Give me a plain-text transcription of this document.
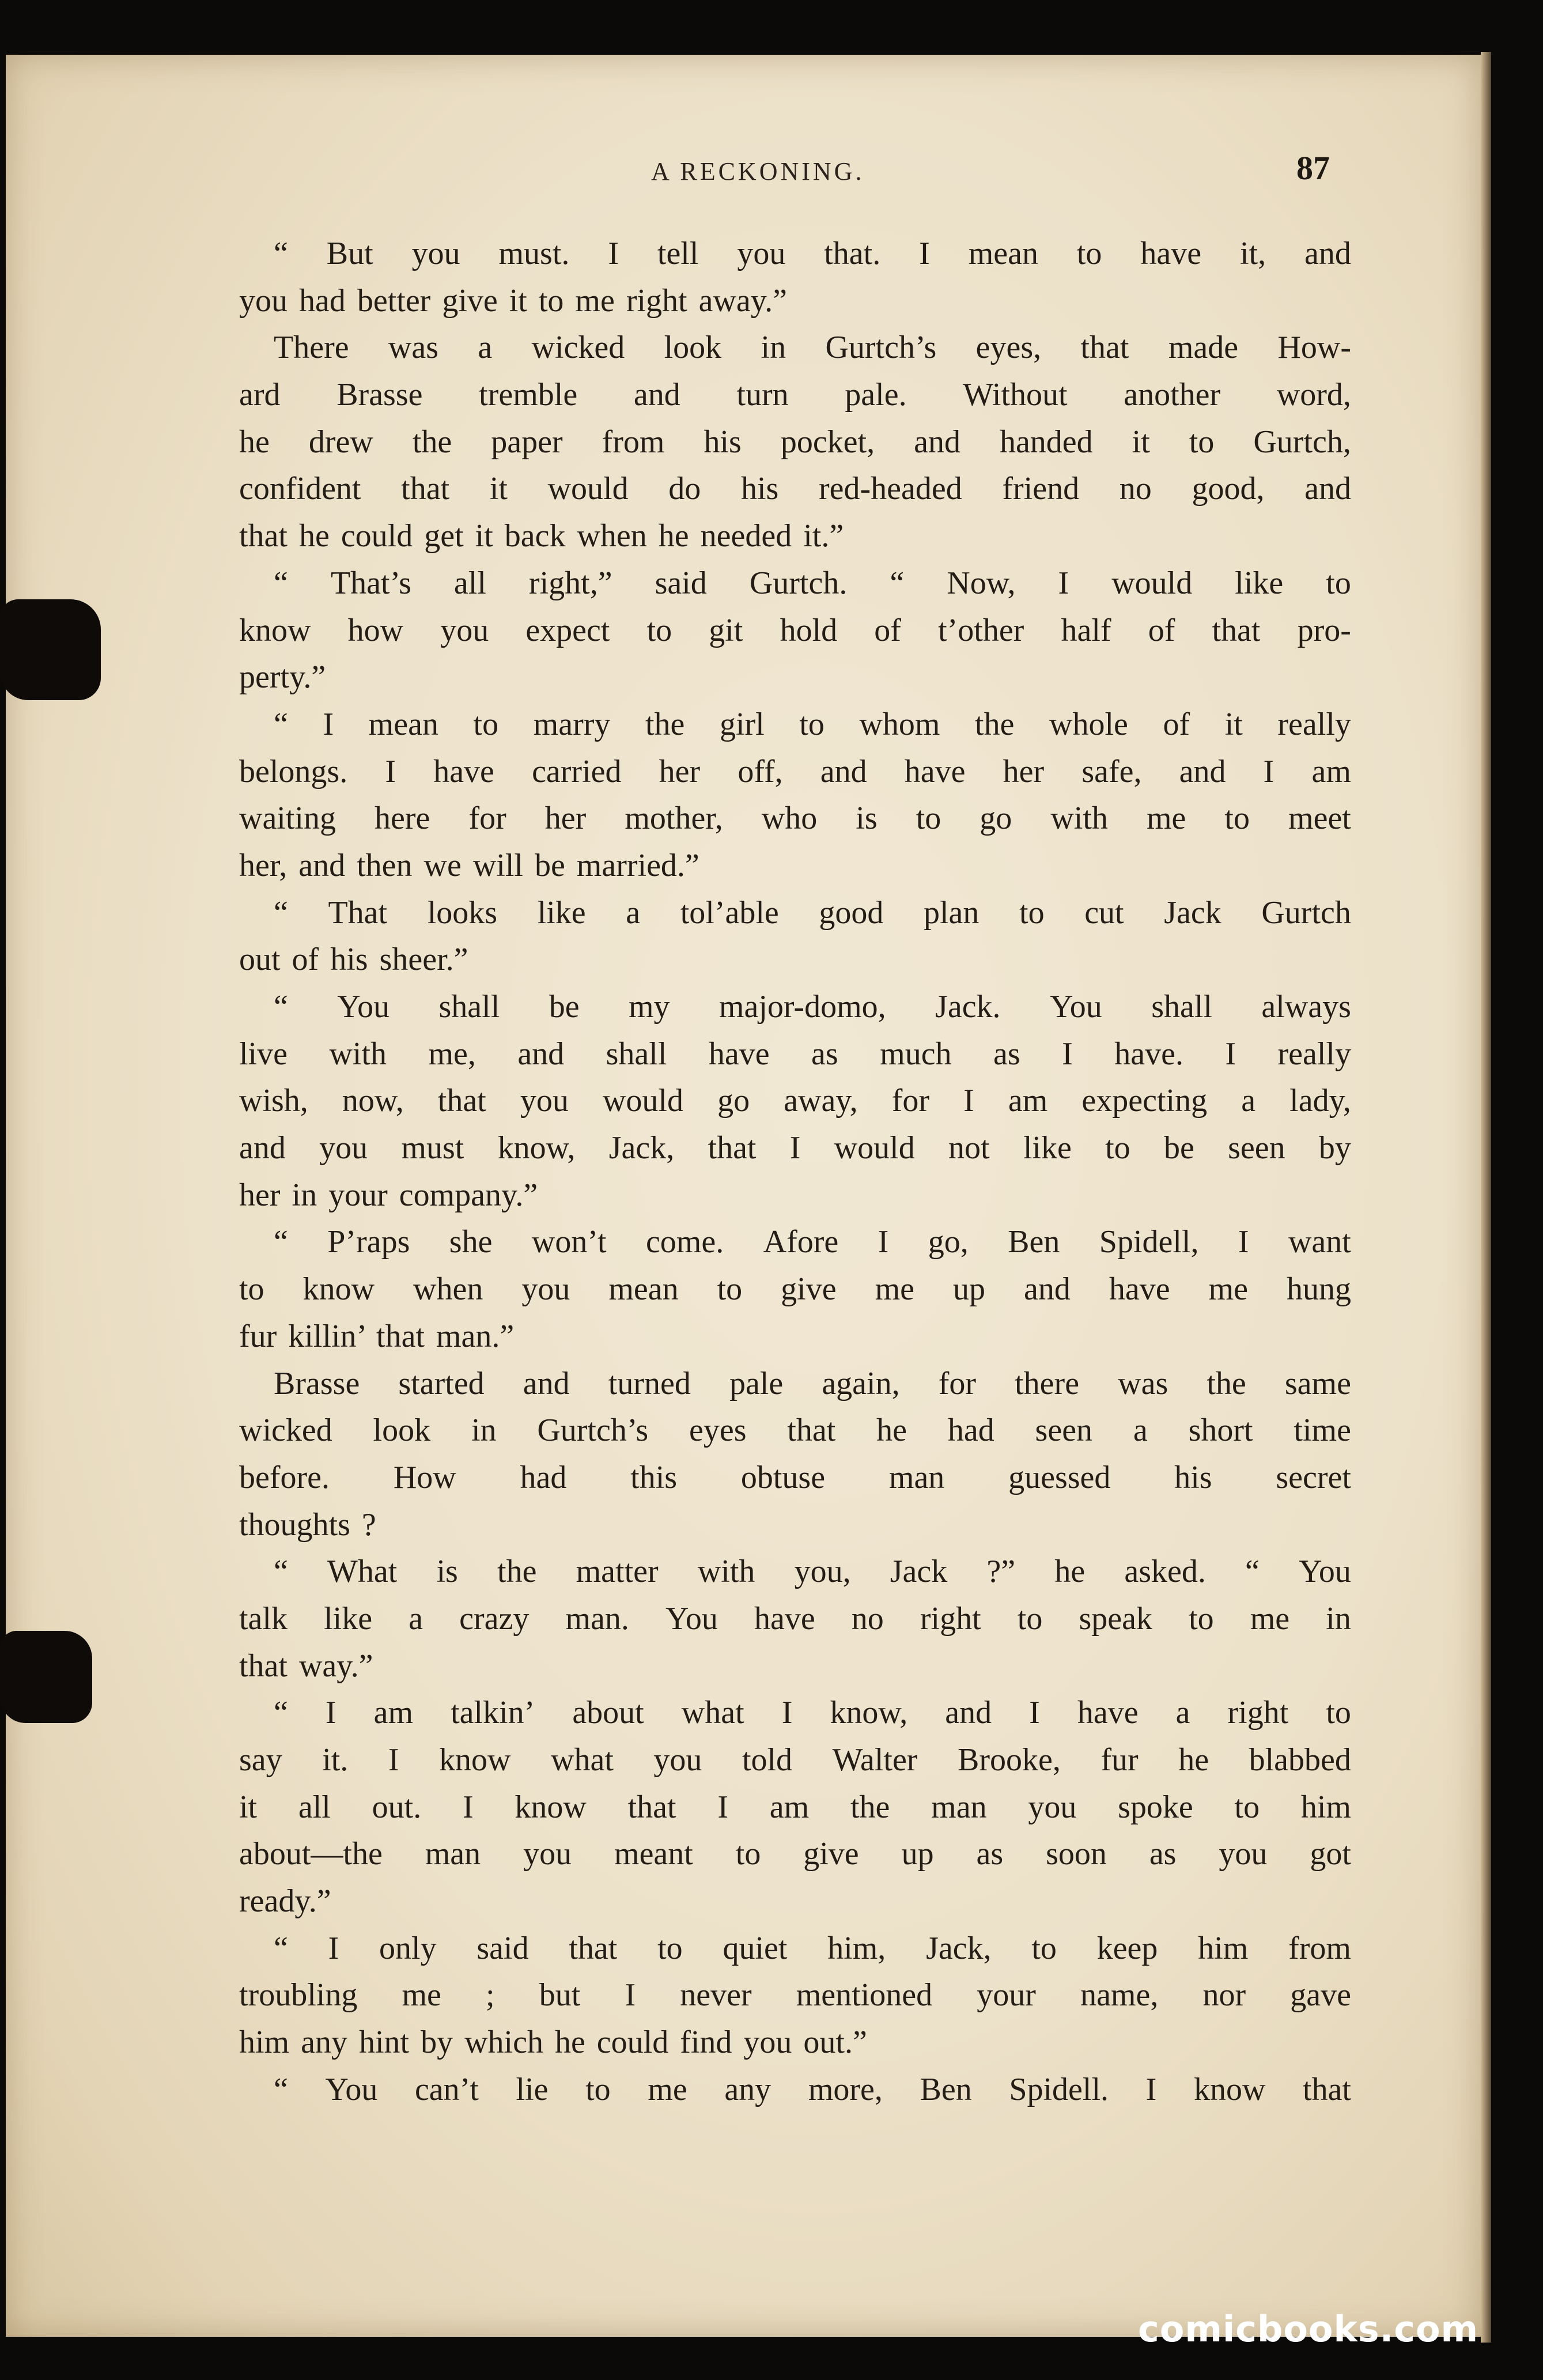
A RECKONING.	87
“ But you must. I tell you that. I mean to have it, and
you had better give it to me right away.”
There was a wicked look in Gurtch’s eyes, that made How-
ard Brasse tremble and turn pale. Without another word,
he drew the paper from his pocket, and handed it to Gurtch,
confident that it would do his red-headed friend no good, and
that he could get it back when he needed it.”
“ That’s all right,” said Gurtch. “ Now, I would like to
know how you expect to git hold of t’other half of that pro-
perty.”
“ I mean to marry the girl to whom the whole of it really
belongs. I have carried her off, and have her safe, and I am
waiting here for her mother, who is to go with me to meet
her, and then we will be married.”
“ That looks like a tol’able good plan to cut Jack Gurtch
out of his sheer.”
“ You shall be my major-domo, Jack. You shall always
live with me, and shall have as much as I have. I really
wish, now, that you would go away, for I am expecting a lady,
and you must know, Jack, that I would not like to be seen by
her in your company.”
“ P’raps she won’t come. Afore I go, Ben Spidell, I want
to know when you mean to give me up and have me hung
fur killin’ that man.”
Brasse started and turned pale again, for there was the same
wicked look in Gurtch’s eyes that he had seen a short time
before. How had this obtuse man guessed his secret
thoughts ?
“ What is the matter with you, Jack ?” he asked. “ You
talk like a crazy man. You have no right to speak to me in
that way.”
“ I am talkin’ about what I know, and I have a right to
say it. I know what you told Walter Brooke, fur he blabbed
it all out. I know that I am the man you spoke to him
about—the man you meant to give up as soon as you got
ready.”
“ I only said that to quiet him, Jack, to keep him from
troubling me ; but I never mentioned your name, nor gave
him any hint by which he could find you out.”
“ You can’t lie to me any more, Ben Spidell. I know that
comicbooks.com
